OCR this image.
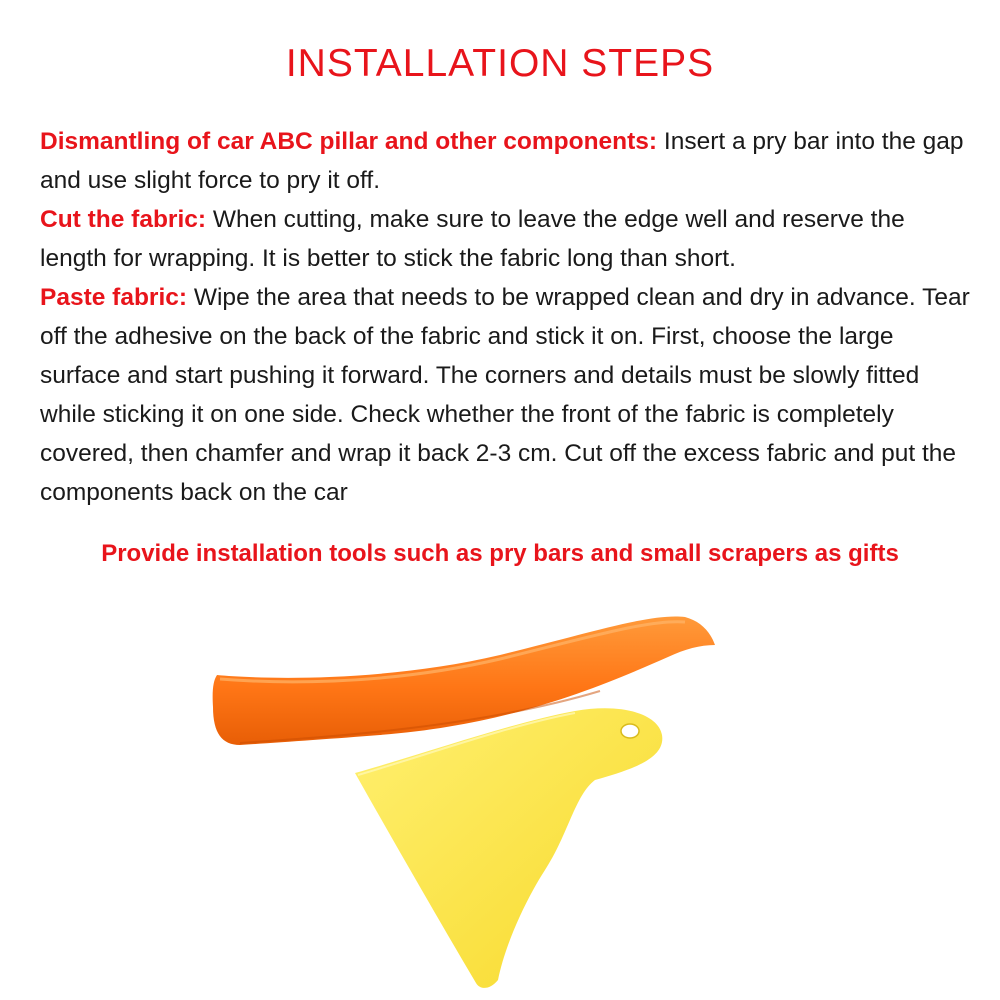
INSTALLATION STEPS

Dismantling of car ABC pillar and other components: Insert a pry bar into the gap and use slight force to pry it off.

Cut the fabric: When cutting, make sure to leave the edge well and reserve the length for wrapping. It is better to stick the fabric long than short.

Paste fabric: Wipe the area that needs to be wrapped clean and dry in advance. Tear off the adhesive on the back of the fabric and stick it on. First, choose the large surface and start pushing it forward. The corners and details must be slowly fitted while sticking it on one side. Check whether the front of the fabric is completely covered, then chamfer and wrap it back 2-3 cm. Cut off the excess fabric and put the components back on the car

Provide installation tools such as pry bars and small scrapers as gifts
